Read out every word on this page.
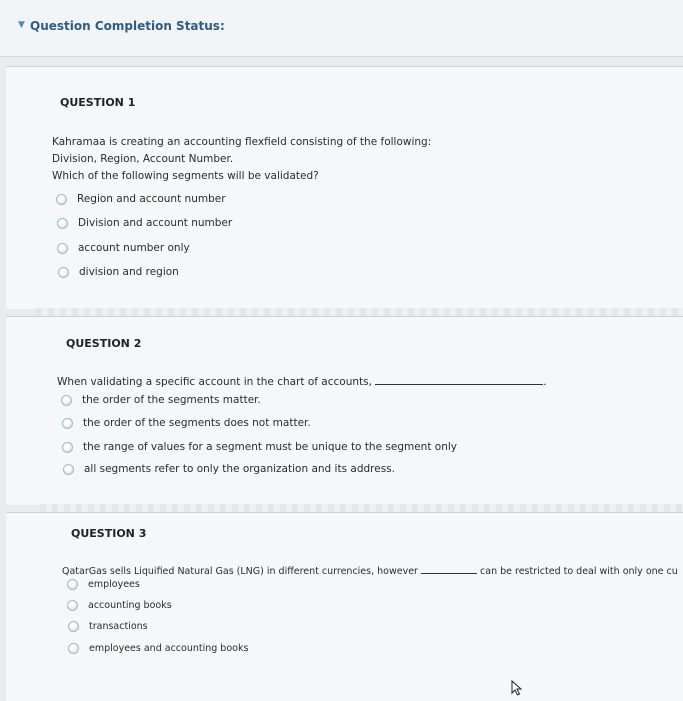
▼ Question Completion Status:
QUESTION 1
Kahramaa is creating an accounting flexfield consisting of the following:
Division, Region, Account Number.
Which of the following segments will be validated?
Region and account number
Division and account number
account number only
division and region
QUESTION 2
When validating a specific account in the chart of accounts,	.
the order of the segments matter.
the order of the segments does not matter.
the range of values for a segment must be unique to the segment only
all segments refer to only the organization and its address.
QUESTION 3
QatarGas sells Liquified Natural Gas (LNG) in different currencies, however	can be restricted to deal with only one cu
employees
accounting books
transactions
employees and accounting books
